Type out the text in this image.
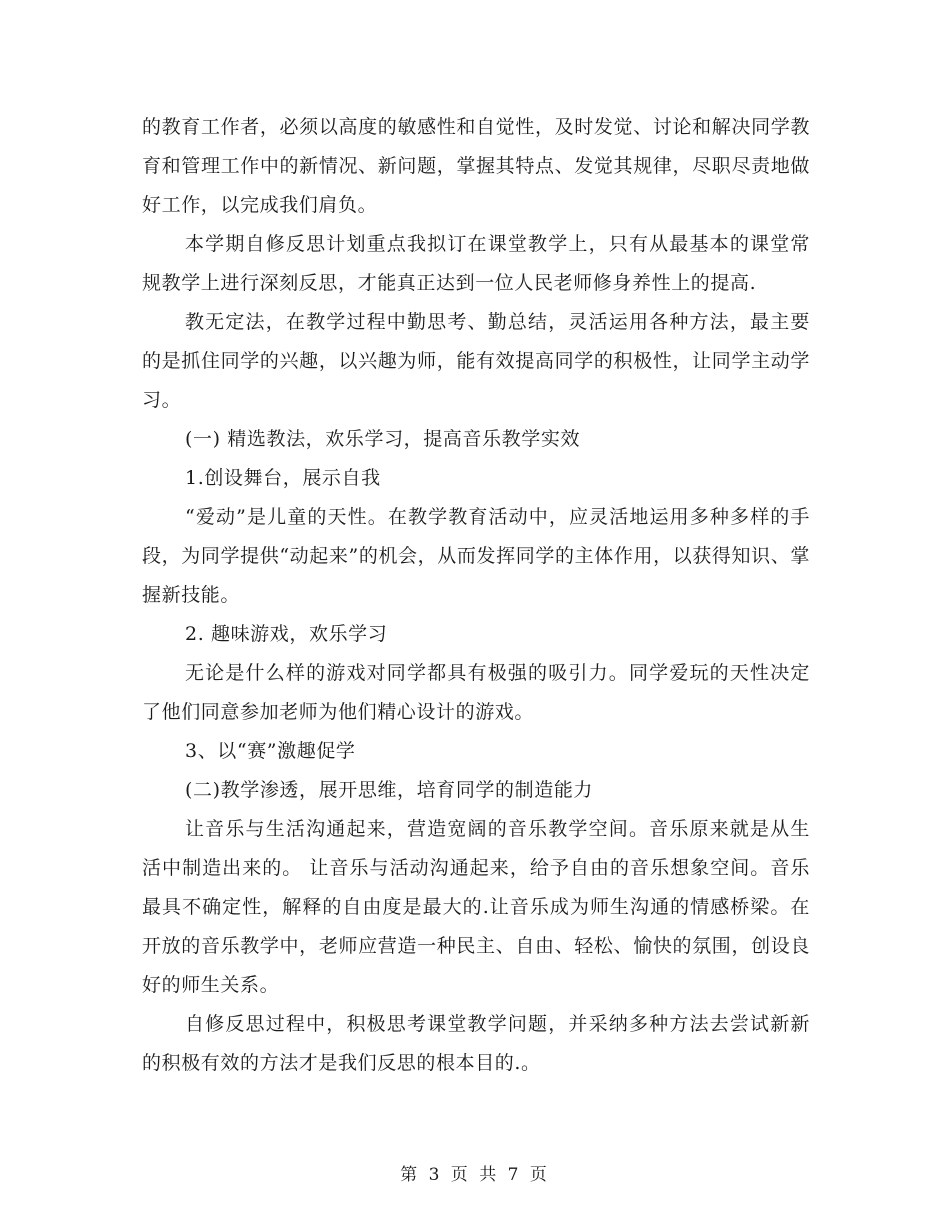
的教育工作者，必须以高度的敏感性和自觉性，及时发觉、讨论和解决同学教育和管理工作中的新情况、新问题，掌握其特点、发觉其规律，尽职尽责地做好工作，以完成我们肩负。

本学期自修反思计划重点我拟订在课堂教学上，只有从最基本的课堂常规教学上进行深刻反思，才能真正达到一位人民老师修身养性上的提高.

教无定法，在教学过程中勤思考、勤总结，灵活运用各种方法，最主要的是抓住同学的兴趣，以兴趣为师，能有效提高同学的积极性，让同学主动学习。

(一) 精选教法，欢乐学习，提高音乐教学实效

1.创设舞台，展示自我

“爱动”是儿童的天性。在教学教育活动中，应灵活地运用多种多样的手段，为同学提供“动起来”的机会，从而发挥同学的主体作用，以获得知识、掌握新技能。

2. 趣味游戏，欢乐学习

无论是什么样的游戏对同学都具有极强的吸引力。同学爱玩的天性决定了他们同意参加老师为他们精心设计的游戏。

3、以“赛”激趣促学

(二)教学渗透，展开思维，培育同学的制造能力

让音乐与生活沟通起来，营造宽阔的音乐教学空间。音乐原来就是从生活中制造出来的。 让音乐与活动沟通起来，给予自由的音乐想象空间。音乐最具不确定性，解释的自由度是最大的.让音乐成为师生沟通的情感桥梁。在开放的音乐教学中，老师应营造一种民主、自由、轻松、愉快的氛围，创设良好的师生关系。

自修反思过程中，积极思考课堂教学问题，并采纳多种方法去尝试新新的积极有效的方法才是我们反思的根本目的.。

第 3 页 共 7 页
